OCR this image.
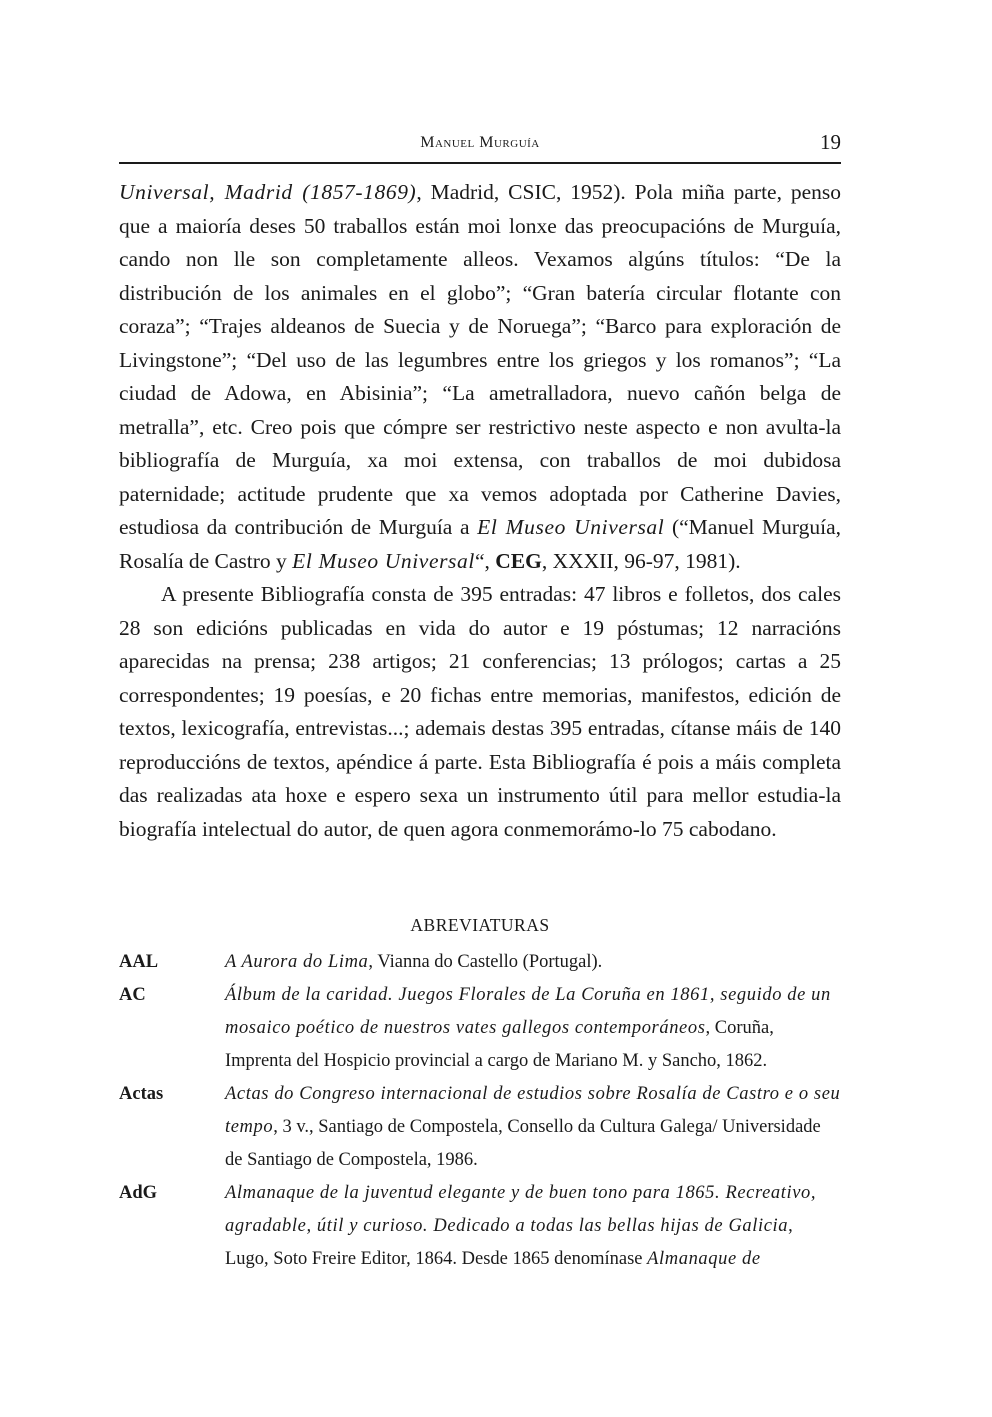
Manuel Murguía	19

Universal, Madrid (1857-1869), Madrid, CSIC, 1952). Pola miña parte, penso que a maioría deses 50 traballos están moi lonxe das preocupacións de Murguía, cando non lle son completamente alleos. Vexamos algúns títulos: “De la distribución de los animales en el globo”; “Gran batería circular flotante con coraza”; “Trajes aldeanos de Suecia y de Noruega”; “Barco para exploración de Livingstone”; “Del uso de las legumbres entre los griegos y los romanos”; “La ciudad de Adowa, en Abisinia”; “La ametralladora, nuevo cañón belga de metralla”, etc. Creo pois que cómpre ser restrictivo neste aspecto e non avulta-la bibliografía de Murguía, xa moi extensa, con traballos de moi dubidosa paternidade; actitude prudente que xa vemos adoptada por Catherine Davies, estudiosa da contribución de Murguía a El Museo Universal (“Manuel Murguía, Rosalía de Castro y El Museo Universal“, CEG, XXXII, 96-97, 1981).

A presente Bibliografía consta de 395 entradas: 47 libros e folletos, dos cales 28 son edicións publicadas en vida do autor e 19 póstumas; 12 narracións aparecidas na prensa; 238 artigos; 21 conferencias; 13 prólogos; cartas a 25 correspondentes; 19 poesías, e 20 fichas entre memorias, manifestos, edición de textos, lexicografía, entrevistas...; ademais destas 395 entradas, cítanse máis de 140 reproduccións de textos, apéndice á parte. Esta Bibliografía é pois a máis completa das realizadas ata hoxe e espero sexa un instrumento útil para mellor estudia-la biografía intelectual do autor, de quen agora conmemorámo-lo 75 cabodano.

ABREVIATURAS
AAL	A Aurora do Lima, Vianna do Castello (Portugal).
AC	Álbum de la caridad. Juegos Florales de La Coruña en 1861, seguido de un mosaico poético de nuestros vates gallegos contemporáneos, Coruña, Imprenta del Hospicio provincial a cargo de Mariano M. y Sancho, 1862.
Actas	Actas do Congreso internacional de estudios sobre Rosalía de Castro e o seu tempo, 3 v., Santiago de Compostela, Consello da Cultura Galega/ Universidade de Santiago de Compostela, 1986.
AdG	Almanaque de la juventud elegante y de buen tono para 1865. Recreativo, agradable, útil y curioso. Dedicado a todas las bellas hijas de Galicia, Lugo, Soto Freire Editor, 1864. Desde 1865 denomínase Almanaque de
